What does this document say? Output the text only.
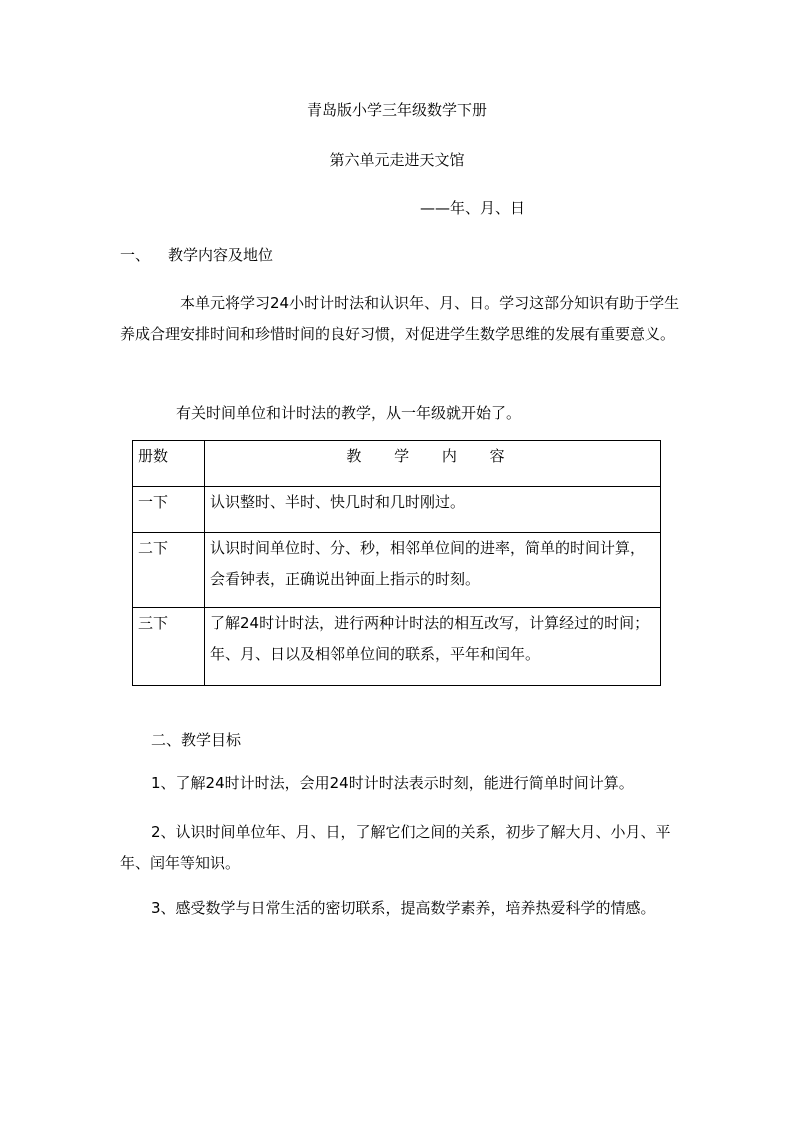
青岛版小学三年级数学下册
第六单元走进天文馆
——年、月、日
一、 教学内容及地位
本单元将学习24小时计时法和认识年、月、日。学习这部分知识有助于学生养成合理安排时间和珍惜时间的良好习惯，对促进学生数学思维的发展有重要意义。
有关时间单位和计时法的教学，从一年级就开始了。
册数	教 学 内 容
一下	认识整时、半时、快几时和几时刚过。
二下	认识时间单位时、分、秒，相邻单位间的进率，简单的时间计算，会看钟表，正确说出钟面上指示的时刻。
三下	了解24时计时法，进行两种计时法的相互改写，计算经过的时间；年、月、日以及相邻单位间的联系，平年和闰年。
二、教学目标
1、了解24时计时法，会用24时计时法表示时刻，能进行简单时间计算。
2、认识时间单位年、月、日，了解它们之间的关系，初步了解大月、小月、平年、闰年等知识。
3、感受数学与日常生活的密切联系，提高数学素养，培养热爱科学的情感。
